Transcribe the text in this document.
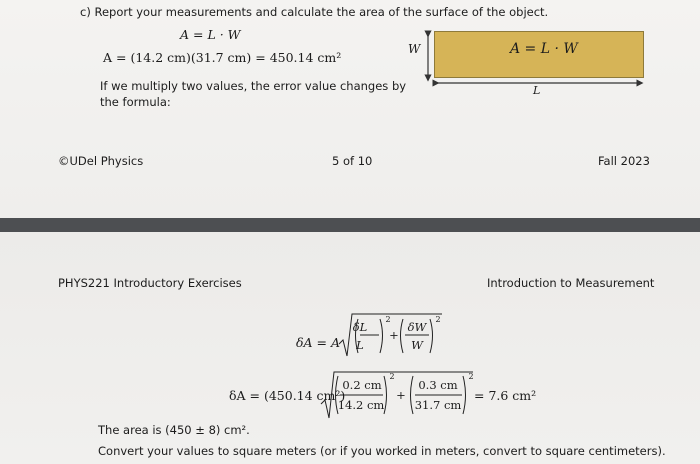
c) Report your measurements and calculate the area of the surface of the object.
A = L · W
A = (14.2 cm)(31.7 cm) = 450.14 cm²
If we multiply two values, the error value changes by the formula:
A = L · W
W
L
©UDel Physics	5 of 10	Fall 2023
PHYS221 Introductory Exercises	Introduction to Measurement
δA = A
δL
L
2
+
δW
W
2
δA = (450.14 cm²)
0.2 cm
14.2 cm
2
+
0.3 cm
31.7 cm
2
= 7.6 cm²
The area is (450 ± 8) cm².
Convert your values to square meters (or if you worked in meters, convert to square centimeters).
